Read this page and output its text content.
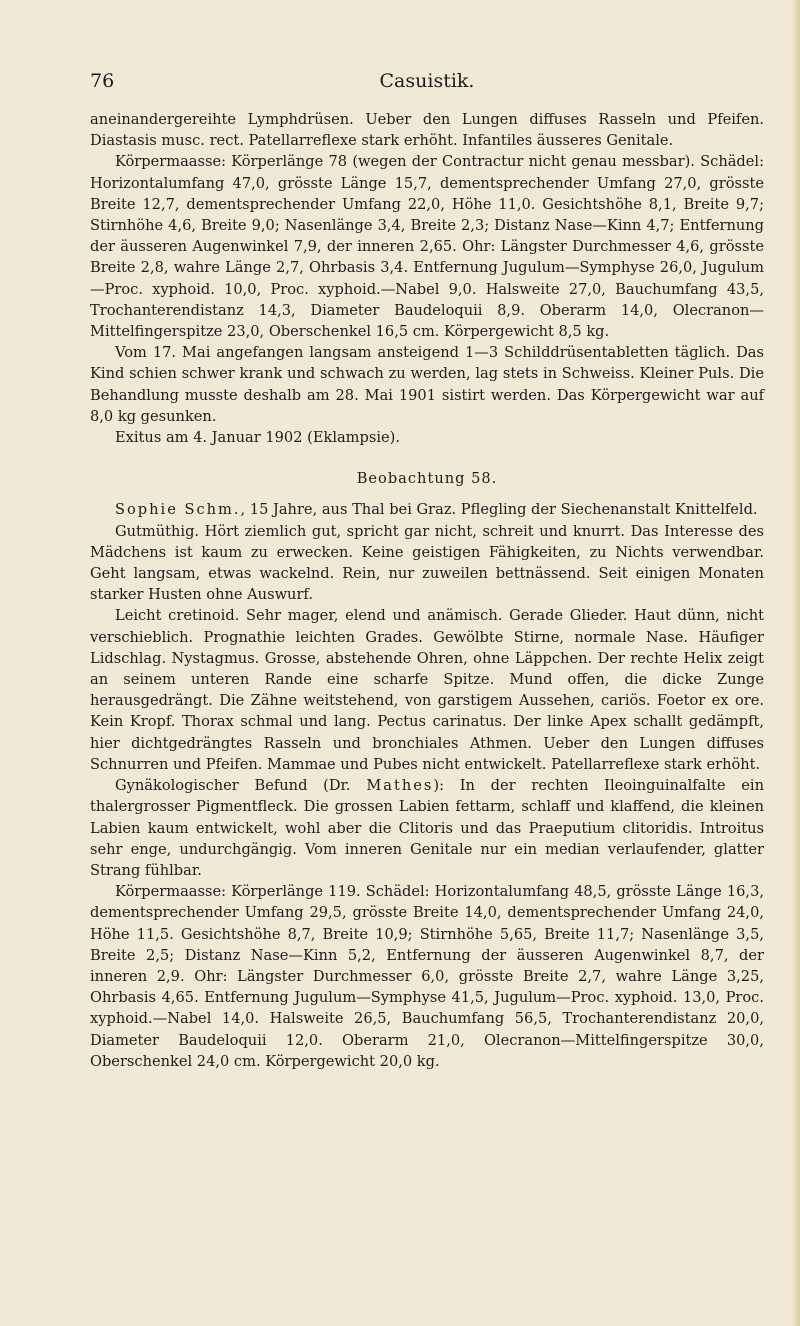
76	Casuistik.

aneinandergereihte Lymphdrüsen. Ueber den Lungen diffuses Rasseln und Pfeifen. Diastasis musc. rect. Patellarreflexe stark erhöht. Infantiles äusseres Genitale.

Körpermaasse: Körperlänge 78 (wegen der Contractur nicht genau messbar). Schädel: Horizontalumfang 47,0, grösste Länge 15,7, dementsprechender Umfang 27,0, grösste Breite 12,7, dementsprechender Umfang 22,0, Höhe 11,0. Gesichtshöhe 8,1, Breite 9,7; Stirnhöhe 4,6, Breite 9,0; Nasenlänge 3,4, Breite 2,3; Distanz Nase—Kinn 4,7; Entfernung der äusseren Augenwinkel 7,9, der inneren 2,65. Ohr: Längster Durchmesser 4,6, grösste Breite 2,8, wahre Länge 2,7, Ohrbasis 3,4. Entfernung Jugulum—Symphyse 26,0, Jugulum—Proc. xyphoid. 10,0, Proc. xyphoid.—Nabel 9,0. Halsweite 27,0, Bauchumfang 43,5, Trochanterendistanz 14,3, Diameter Baudeloquii 8,9. Oberarm 14,0, Olecranon—Mittelfingerspitze 23,0, Oberschenkel 16,5 cm. Körpergewicht 8,5 kg.

Vom 17. Mai angefangen langsam ansteigend 1—3 Schilddrüsentabletten täglich. Das Kind schien schwer krank und schwach zu werden, lag stets in Schweiss. Kleiner Puls. Die Behandlung musste deshalb am 28. Mai 1901 sistirt werden. Das Körpergewicht war auf 8,0 kg gesunken.

Exitus am 4. Januar 1902 (Eklampsie).

Beobachtung 58.

Sophie Schm., 15 Jahre, aus Thal bei Graz. Pflegling der Siechenanstalt Knittelfeld.

Gutmüthig. Hört ziemlich gut, spricht gar nicht, schreit und knurrt. Das Interesse des Mädchens ist kaum zu erwecken. Keine geistigen Fähigkeiten, zu Nichts verwendbar. Geht langsam, etwas wackelnd. Rein, nur zuweilen bettnässend. Seit einigen Monaten starker Husten ohne Auswurf.

Leicht cretinoid. Sehr mager, elend und anämisch. Gerade Glieder. Haut dünn, nicht verschieblich. Prognathie leichten Grades. Gewölbte Stirne, normale Nase. Häufiger Lidschlag. Nystagmus. Grosse, abstehende Ohren, ohne Läppchen. Der rechte Helix zeigt an seinem unteren Rande eine scharfe Spitze. Mund offen, die dicke Zunge herausgedrängt. Die Zähne weitstehend, von garstigem Aussehen, cariös. Foetor ex ore. Kein Kropf. Thorax schmal und lang. Pectus carinatus. Der linke Apex schallt gedämpft, hier dichtgedrängtes Rasseln und bronchiales Athmen. Ueber den Lungen diffuses Schnurren und Pfeifen. Mammae und Pubes nicht entwickelt. Patellarreflexe stark erhöht.

Gynäkologischer Befund (Dr. Mathes): In der rechten Ileoinguinalfalte ein thalergrosser Pigmentfleck. Die grossen Labien fettarm, schlaff und klaffend, die kleinen Labien kaum entwickelt, wohl aber die Clitoris und das Praeputium clitoridis. Introitus sehr enge, undurchgängig. Vom inneren Genitale nur ein median verlaufender, glatter Strang fühlbar.

Körpermaasse: Körperlänge 119. Schädel: Horizontalumfang 48,5, grösste Länge 16,3, dementsprechender Umfang 29,5, grösste Breite 14,0, dementsprechender Umfang 24,0, Höhe 11,5. Gesichtshöhe 8,7, Breite 10,9; Stirnhöhe 5,65, Breite 11,7; Nasenlänge 3,5, Breite 2,5; Distanz Nase—Kinn 5,2, Entfernung der äusseren Augenwinkel 8,7, der inneren 2,9. Ohr: Längster Durchmesser 6,0, grösste Breite 2,7, wahre Länge 3,25, Ohrbasis 4,65. Entfernung Jugulum—Symphyse 41,5, Jugulum—Proc. xyphoid. 13,0, Proc. xyphoid.—Nabel 14,0. Halsweite 26,5, Bauchumfang 56,5, Trochanterendistanz 20,0, Diameter Baudeloquii 12,0. Oberarm 21,0, Olecranon—Mittelfingerspitze 30,0, Oberschenkel 24,0 cm. Körpergewicht 20,0 kg.
